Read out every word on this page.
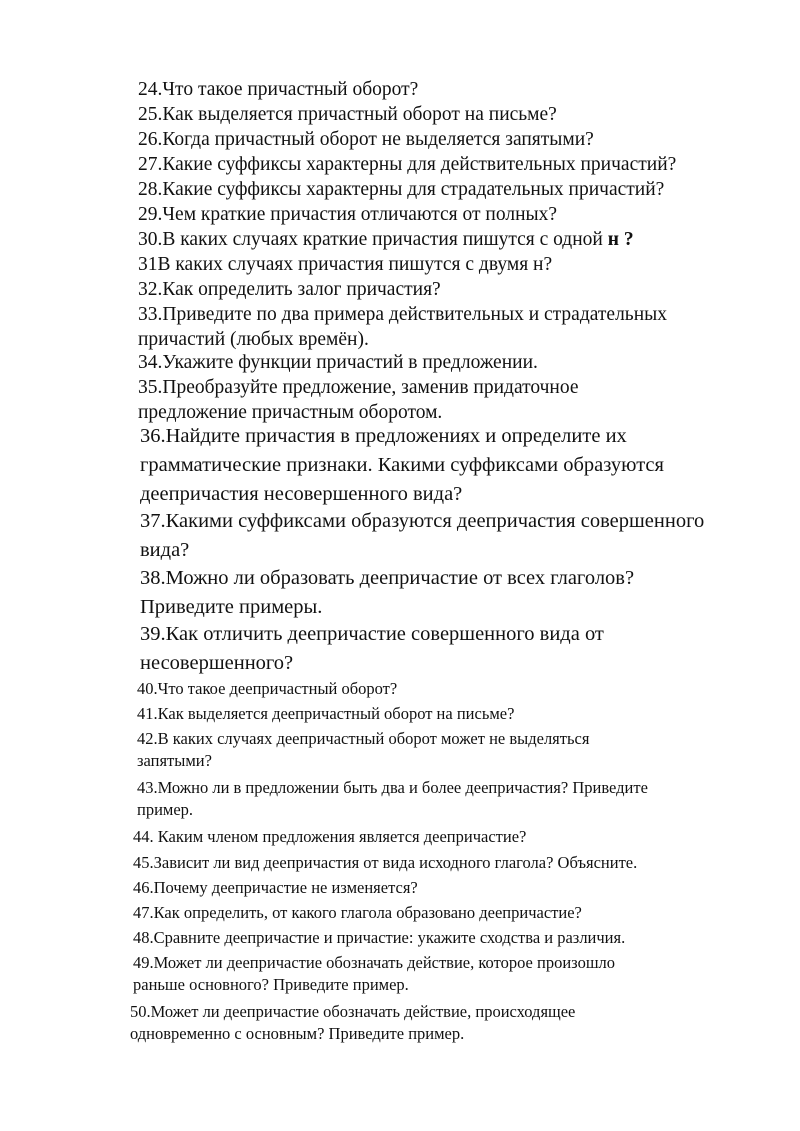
24.Что такое причастный оборот?
25.Как выделяется причастный оборот на письме?
26.Когда причастный оборот не выделяется запятыми?
27.Какие суффиксы характерны для действительных причастий?
28.Какие суффиксы характерны для страдательных причастий?
29.Чем краткие причастия отличаются от полных?
30.В каких случаях краткие причастия пишутся с одной н ?
31В каких случаях причастия пишутся с двумя н?
32.Как определить залог причастия?
33.Приведите по два примера действительных и страдательных
причастий (любых времён).
34.Укажите функции причастий в предложении.
35.Преобразуйте предложение, заменив придаточное
предложение причастным оборотом.
36.Найдите причастия в предложениях и определите их
грамматические признаки. Какими суффиксами образуются
деепричастия несовершенного вида?
37.Какими суффиксами образуются деепричастия совершенного
вида?
38.Можно ли образовать деепричастие от всех глаголов?
Приведите примеры.
39.Как отличить деепричастие совершенного вида от
несовершенного?
40.Что такое деепричастный оборот?
41.Как выделяется деепричастный оборот на письме?
42.В каких случаях деепричастный оборот может не выделяться
запятыми?
43.Можно ли в предложении быть два и более деепричастия? Приведите
пример.
44. Каким членом предложения является деепричастие?
45.Зависит ли вид деепричастия от вида исходного глагола? Объясните.
46.Почему деепричастие не изменяется?
47.Как определить, от какого глагола образовано деепричастие?
48.Сравните деепричастие и причастие: укажите сходства и различия.
49.Может ли деепричастие обозначать действие, которое произошло
раньше основного? Приведите пример.
50.Может ли деепричастие обозначать действие, происходящее
одновременно с основным? Приведите пример.
